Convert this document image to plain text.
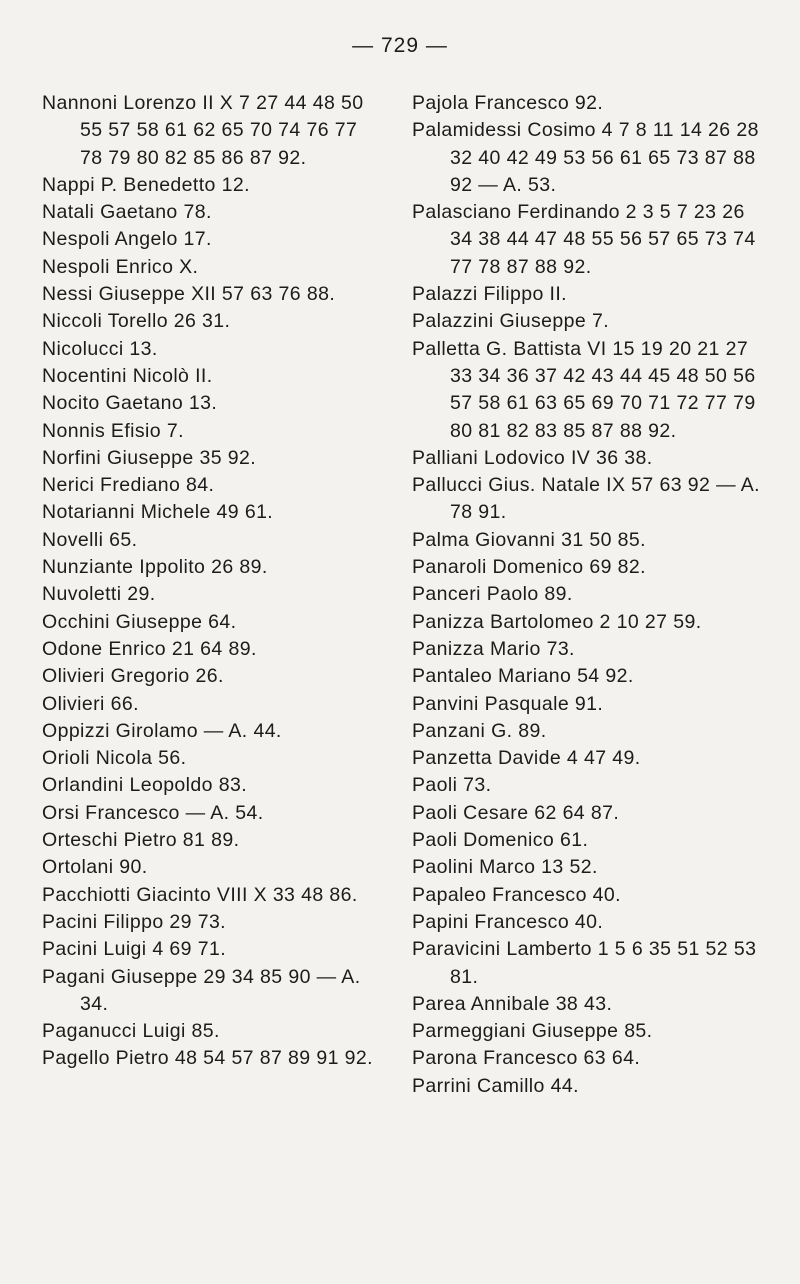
— 729 —
Nannoni Lorenzo II X 7 27 44 48 50 55 57 58 61 62 65 70 74 76 77 78 79 80 82 85 86 87 92.
Nappi P. Benedetto 12.
Natali Gaetano 78.
Nespoli Angelo 17.
Nespoli Enrico X.
Nessi Giuseppe XII 57 63 76 88.
Niccoli Torello 26 31.
Nicolucci 13.
Nocentini Nicolò II.
Nocito Gaetano 13.
Nonnis Efisio 7.
Norfini Giuseppe 35 92.
Nerici Frediano 84.
Notarianni Michele 49 61.
Novelli 65.
Nunziante Ippolito 26 89.
Nuvoletti 29.
Occhini Giuseppe 64.
Odone Enrico 21 64 89.
Olivieri Gregorio 26.
Olivieri 66.
Oppizzi Girolamo — A. 44.
Orioli Nicola 56.
Orlandini Leopoldo 83.
Orsi Francesco — A. 54.
Orteschi Pietro 81 89.
Ortolani 90.
Pacchiotti Giacinto VIII X 33 48 86.
Pacini Filippo 29 73.
Pacini Luigi 4 69 71.
Pagani Giuseppe 29 34 85 90 — A. 34.
Paganucci Luigi 85.
Pagello Pietro 48 54 57 87 89 91 92.
Pajola Francesco 92.
Palamidessi Cosimo 4 7 8 11 14 26 28 32 40 42 49 53 56 61 65 73 87 88 92 — A. 53.
Palasciano Ferdinando 2 3 5 7 23 26 34 38 44 47 48 55 56 57 65 73 74 77 78 87 88 92.
Palazzi Filippo II.
Palazzini Giuseppe 7.
Palletta G. Battista VI 15 19 20 21 27 33 34 36 37 42 43 44 45 48 50 56 57 58 61 63 65 69 70 71 72 77 79 80 81 82 83 85 87 88 92.
Palliani Lodovico IV 36 38.
Pallucci Gius. Natale IX 57 63 92 — A. 78 91.
Palma Giovanni 31 50 85.
Panaroli Domenico 69 82.
Panceri Paolo 89.
Panizza Bartolomeo 2 10 27 59.
Panizza Mario 73.
Pantaleo Mariano 54 92.
Panvini Pasquale 91.
Panzani G. 89.
Panzetta Davide 4 47 49.
Paoli 73.
Paoli Cesare 62 64 87.
Paoli Domenico 61.
Paolini Marco 13 52.
Papaleo Francesco 40.
Papini Francesco 40.
Paravicini Lamberto 1 5 6 35 51 52 53 81.
Parea Annibale 38 43.
Parmeggiani Giuseppe 85.
Parona Francesco 63 64.
Parrini Camillo 44.
